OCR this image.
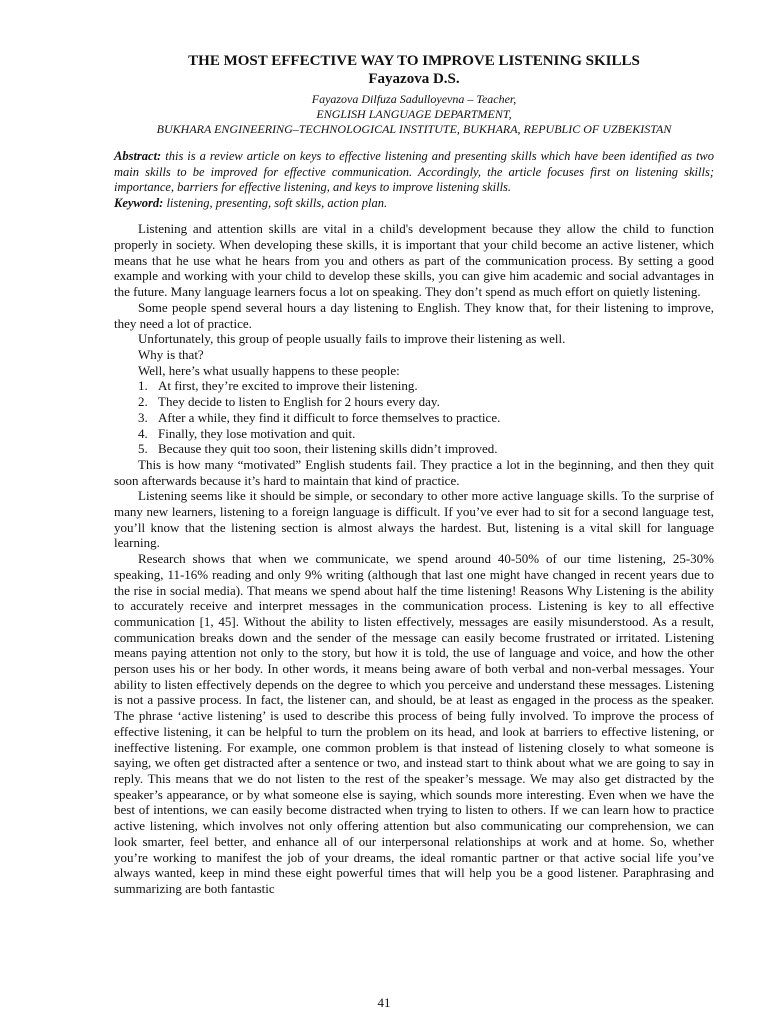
THE MOST EFFECTIVE WAY TO IMPROVE LISTENING SKILLS
Fayazova D.S.
Fayazova Dilfuza Sadulloyevna – Teacher,
ENGLISH LANGUAGE DEPARTMENT,
BUKHARA ENGINEERING–TECHNOLOGICAL INSTITUTE, BUKHARA, REPUBLIC OF UZBEKISTAN
Abstract: this is a review article on keys to effective listening and presenting skills which have been identified as two main skills to be improved for effective communication. Accordingly, the article focuses first on listening skills; importance, barriers for effective listening, and keys to improve listening skills.
Keyword: listening, presenting, soft skills, action plan.

Listening and attention skills are vital in a child's development because they allow the child to function properly in society. When developing these skills, it is important that your child become an active listener, which means that he use what he hears from you and others as part of the communication process. By setting a good example and working with your child to develop these skills, you can give him academic and social advantages in the future. Many language learners focus a lot on speaking. They don’t spend as much effort on quietly listening.

Some people spend several hours a day listening to English. They know that, for their listening to improve, they need a lot of practice.

Unfortunately, this group of people usually fails to improve their listening as well.

Why is that?

Well, here’s what usually happens to these people:

1. At first, they’re excited to improve their listening.
2. They decide to listen to English for 2 hours every day.
3. After a while, they find it difficult to force themselves to practice.
4. Finally, they lose motivation and quit.
5. Because they quit too soon, their listening skills didn’t improved.

This is how many “motivated” English students fail. They practice a lot in the beginning, and then they quit soon afterwards because it’s hard to maintain that kind of practice.

Listening seems like it should be simple, or secondary to other more active language skills. To the surprise of many new learners, listening to a foreign language is difficult. If you’ve ever had to sit for a second language test, you’ll know that the listening section is almost always the hardest. But, listening is a vital skill for language learning.

Research shows that when we communicate, we spend around 40-50% of our time listening, 25-30% speaking, 11-16% reading and only 9% writing (although that last one might have changed in recent years due to the rise in social media). That means we spend about half the time listening! Reasons Why Listening is the ability to accurately receive and interpret messages in the communication process. Listening is key to all effective communication [1, 45]. Without the ability to listen effectively, messages are easily misunderstood. As a result, communication breaks down and the sender of the message can easily become frustrated or irritated. Listening means paying attention not only to the story, but how it is told, the use of language and voice, and how the other person uses his or her body. In other words, it means being aware of both verbal and non-verbal messages. Your ability to listen effectively depends on the degree to which you perceive and understand these messages. Listening is not a passive process. In fact, the listener can, and should, be at least as engaged in the process as the speaker. The phrase ‘active listening’ is used to describe this process of being fully involved. To improve the process of effective listening, it can be helpful to turn the problem on its head, and look at barriers to effective listening, or ineffective listening. For example, one common problem is that instead of listening closely to what someone is saying, we often get distracted after a sentence or two, and instead start to think about what we are going to say in reply. This means that we do not listen to the rest of the speaker’s message. We may also get distracted by the speaker’s appearance, or by what someone else is saying, which sounds more interesting. Even when we have the best of intentions, we can easily become distracted when trying to listen to others. If we can learn how to practice active listening, which involves not only offering attention but also communicating our comprehension, we can look smarter, feel better, and enhance all of our interpersonal relationships at work and at home. So, whether you’re working to manifest the job of your dreams, the ideal romantic partner or that active social life you’ve always wanted, keep in mind these eight powerful times that will help you be a good listener. Paraphrasing and summarizing are both fantastic

41
